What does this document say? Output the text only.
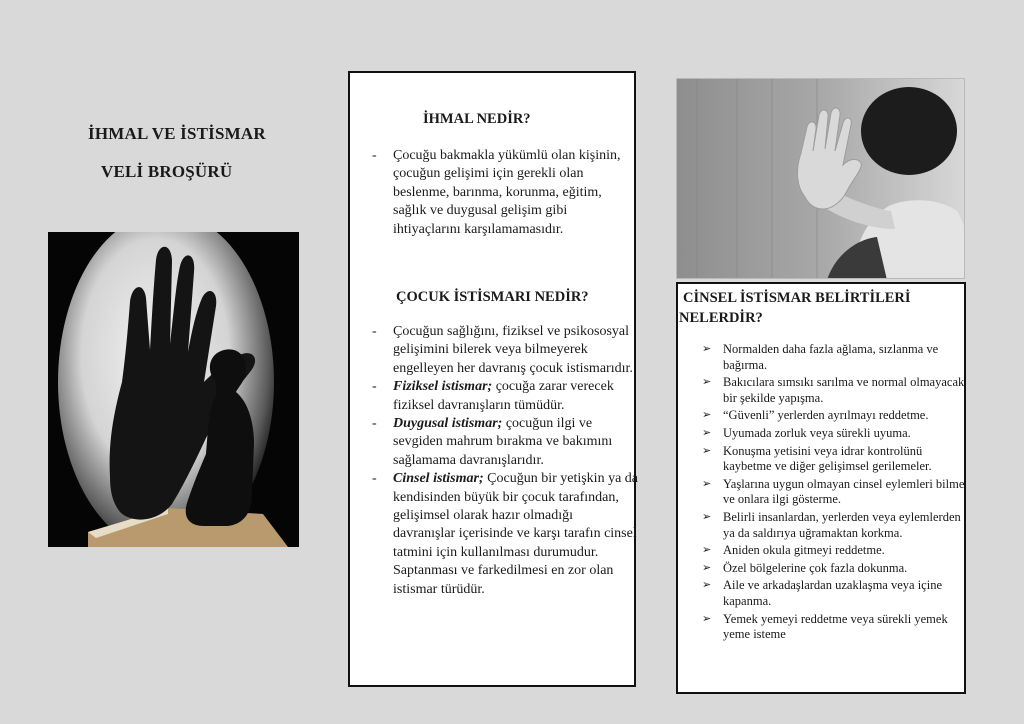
İHMAL VE İSTİSMAR
VELİ BROŞÜRÜ
İHMAL NEDİR?
- Çocuğu bakmakla yükümlü olan kişinin, çocuğun gelişimi için gerekli olan beslenme, barınma, korunma, eğitim, sağlık ve duygusal gelişim gibi ihtiyaçlarını karşılamamasıdır.
ÇOCUK İSTİSMARI NEDİR?
- Çocuğun sağlığını, fiziksel ve psikososyal gelişimini bilerek veya bilmeyerek engelleyen her davranış çocuk istismarıdır.
- Fiziksel istismar; çocuğa zarar verecek fiziksel davranışların tümüdür.
- Duygusal istismar; çocuğun ilgi ve sevgiden mahrum bırakma ve bakımını sağlamama davranışlarıdır.
- Cinsel istismar; Çocuğun bir yetişkin ya da kendisinden büyük bir çocuk tarafından, gelişimsel olarak hazır olmadığı davranışlar içerisinde ve karşı tarafın cinsel tatmini için kullanılması durumudur. Saptanması ve farkedilmesi en zor olan istismar türüdür.
CİNSEL İSTİSMAR BELİRTİLERİ
NELERDİR?
➢ Normalden daha fazla ağlama, sızlanma ve bağırma.
➢ Bakıcılara sımsıkı sarılma ve normal olmayacak bir şekilde yapışma.
➢ “Güvenli” yerlerden ayrılmayı reddetme.
➢ Uyumada zorluk veya sürekli uyuma.
➢ Konuşma yetisini veya idrar kontrolünü kaybetme ve diğer gelişimsel gerilemeler.
➢ Yaşlarına uygun olmayan cinsel eylemleri bilme ve onlara ilgi gösterme.
➢ Belirli insanlardan, yerlerden veya eylemlerden ya da saldırıya uğramaktan korkma.
➢ Aniden okula gitmeyi reddetme.
➢ Özel bölgelerine çok fazla dokunma.
➢ Aile ve arkadaşlardan uzaklaşma veya içine kapanma.
➢ Yemek yemeyi reddetme veya sürekli yemek yeme isteme
